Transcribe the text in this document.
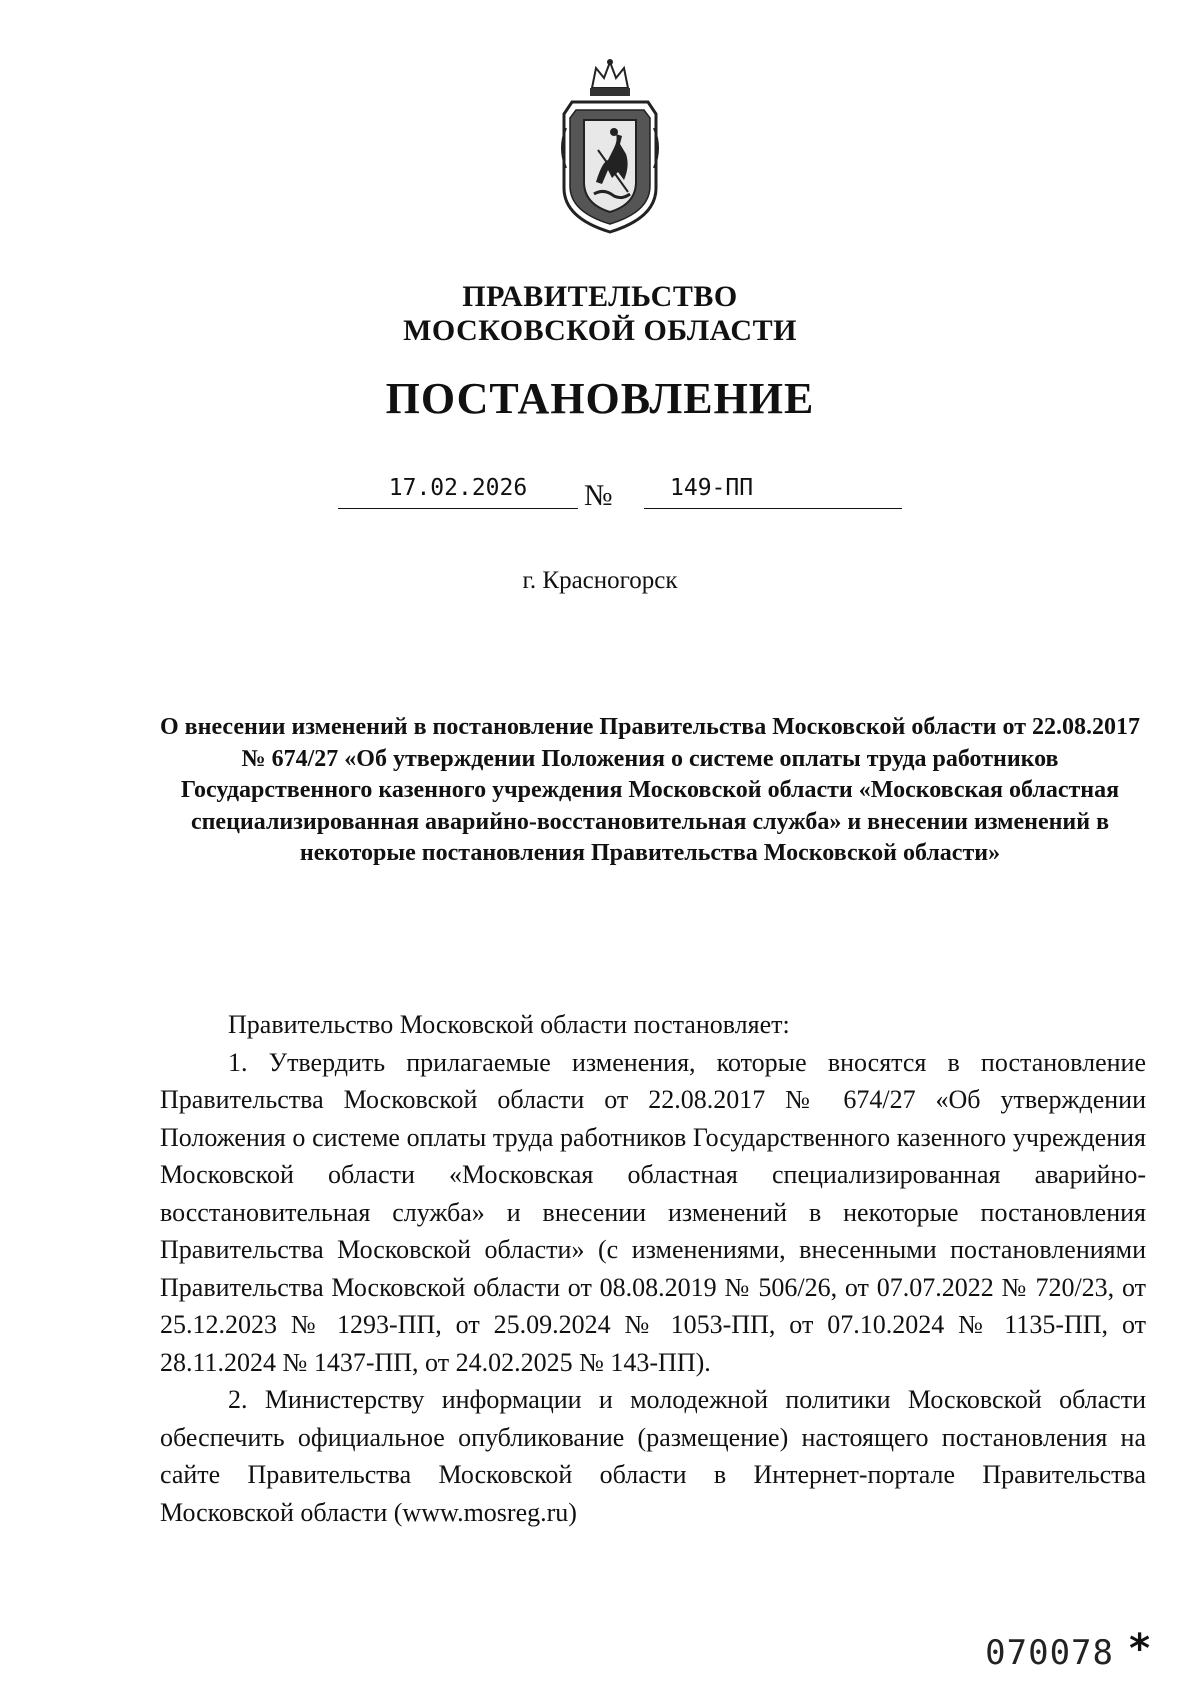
ПРАВИТЕЛЬСТВО
МОСКОВСКОЙ ОБЛАСТИ
ПОСТАНОВЛЕНИЕ
17.02.2026	№	149-ПП
г. Красногорск
О внесении изменений в постановление Правительства Московской области от 22.08.2017 № 674/27 «Об утверждении Положения о системе оплаты труда работников Государственного казенного учреждения Московской области «Московская областная специализированная аварийно-восстановительная служба» и внесении изменений в некоторые постановления Правительства Московской области»

Правительство Московской области постановляет:

1. Утвердить прилагаемые изменения, которые вносятся в постановление Правительства Московской области от 22.08.2017 № 674/27 «Об утверждении Положения о системе оплаты труда работников Государственного казенного учреждения Московской области «Московская областная специализированная аварийно-восстановительная служба» и внесении изменений в некоторые постановления Правительства Московской области» (с изменениями, внесенными постановлениями Правительства Московской области от 08.08.2019 № 506/26, от 07.07.2022 № 720/23, от 25.12.2023 № 1293-ПП, от 25.09.2024 № 1053-ПП, от 07.10.2024 № 1135-ПП, от 28.11.2024 № 1437-ПП, от 24.02.2025 № 143-ПП).

2. Министерству информации и молодежной политики Московской области обеспечить официальное опубликование (размещение) настоящего постановления на сайте Правительства Московской области в Интернет-портале Правительства Московской области (www.mosreg.ru)

070078 *
